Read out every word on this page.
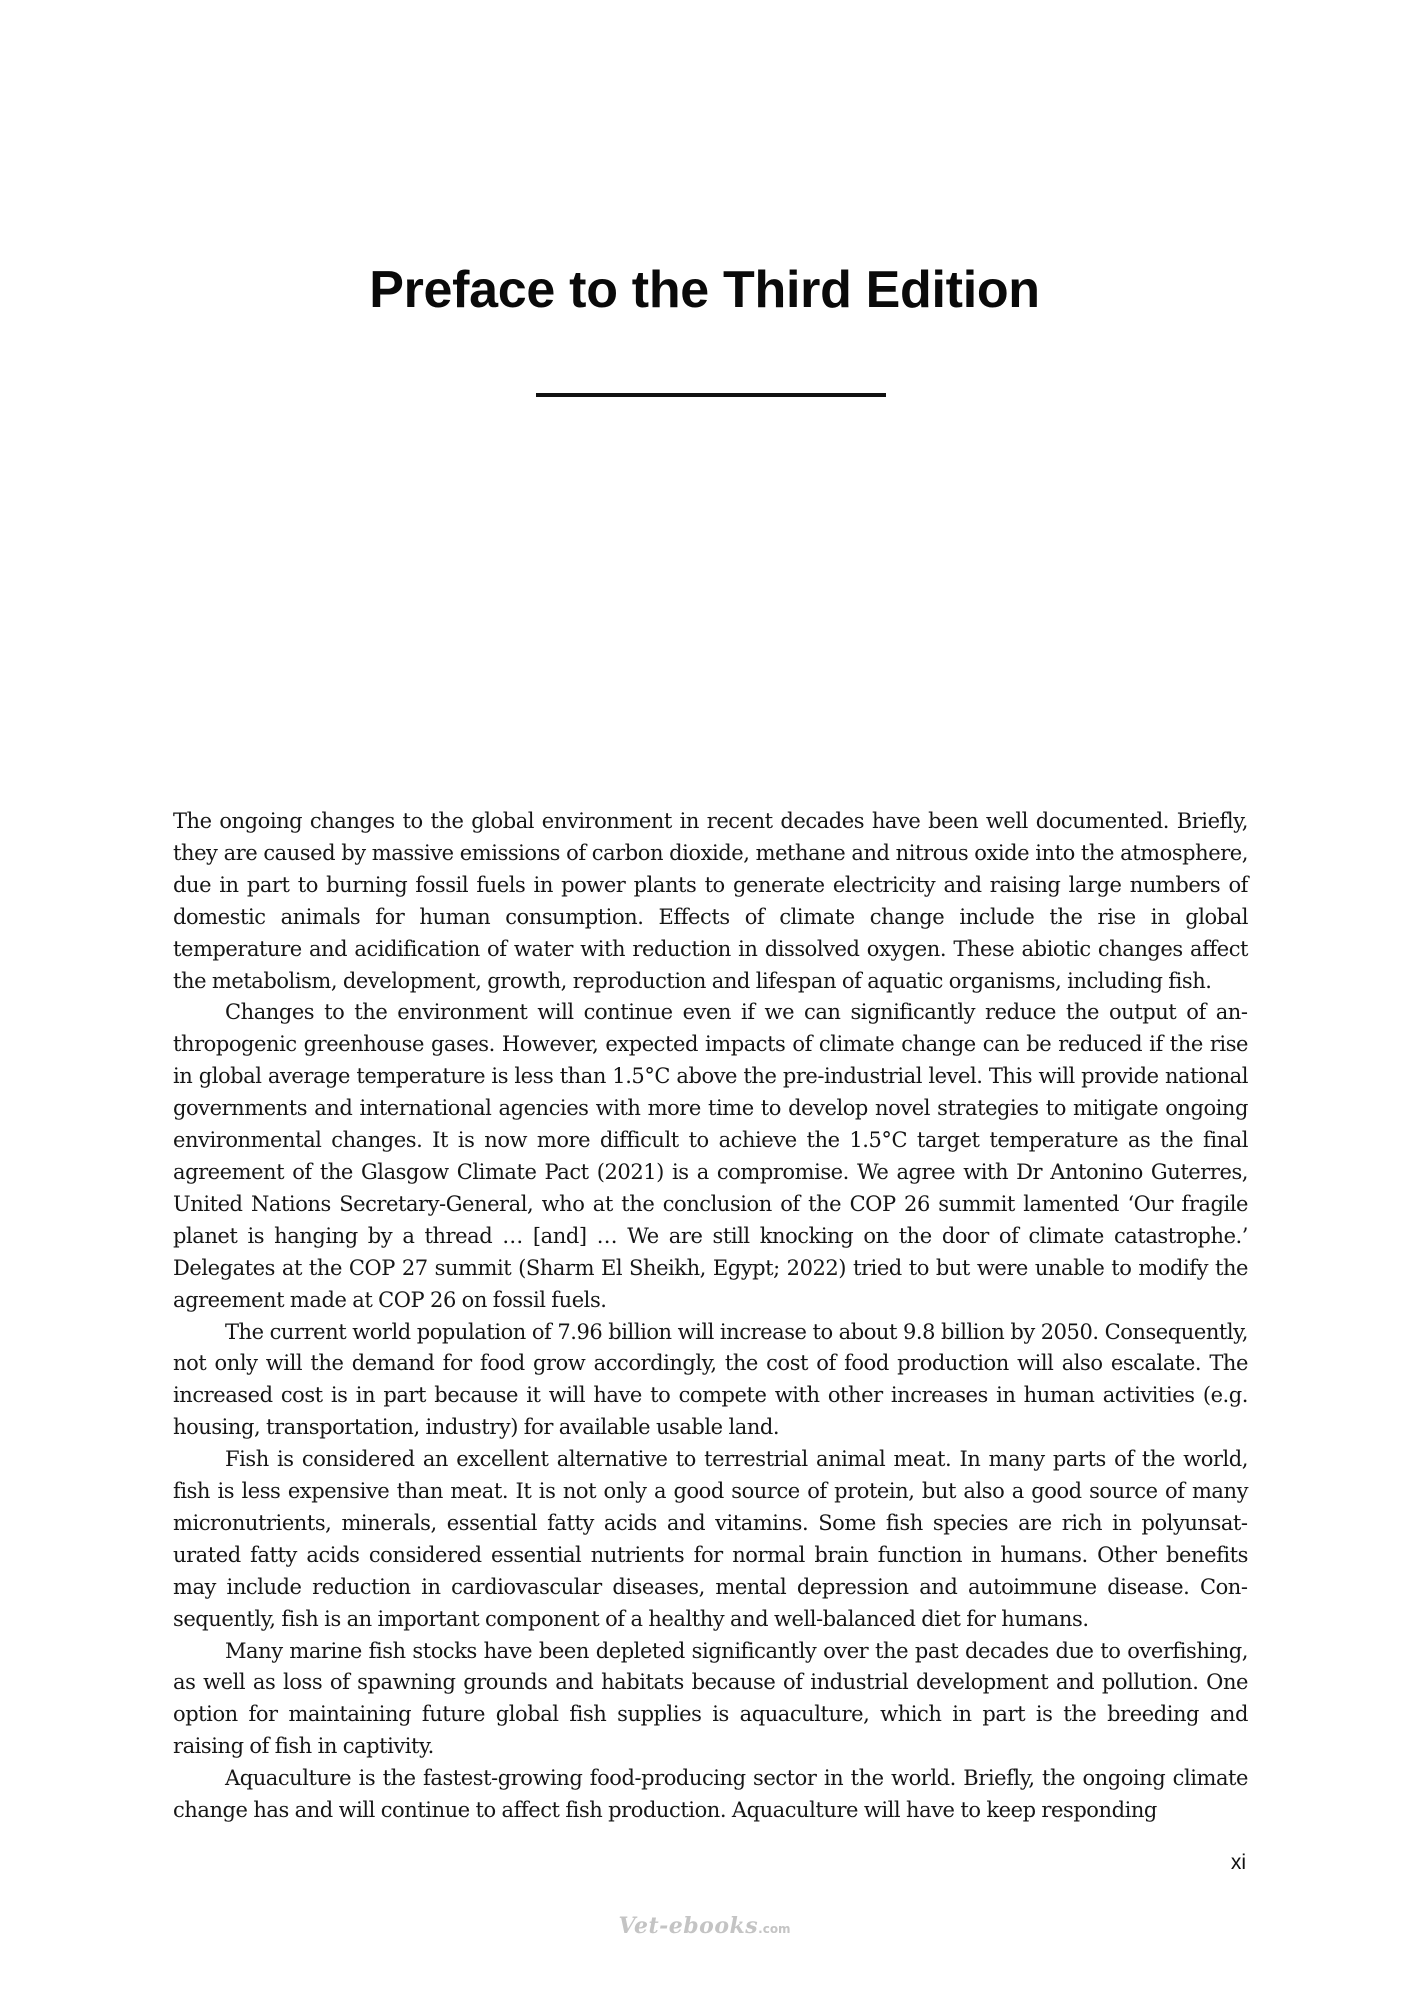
Preface to the Third Edition

The ongoing changes to the global environment in recent decades have been well documented. Briefly, they are caused by massive emissions of carbon dioxide, methane and nitrous oxide into the atmosphere, due in part to burning fossil fuels in power plants to generate electricity and raising large numbers of domestic animals for human consumption. Effects of climate change include the rise in global temperature and acidification of water with reduction in dissolved oxygen. These abiotic changes affect the metabolism, development, growth, reproduction and lifespan of aquatic organisms, including fish.

Changes to the environment will continue even if we can significantly reduce the output of anthropogenic greenhouse gases. However, expected impacts of climate change can be reduced if the rise in global average temperature is less than 1.5°C above the pre-industrial level. This will provide national governments and international agencies with more time to develop novel strategies to mitigate ongoing environmental changes. It is now more difficult to achieve the 1.5°C target temperature as the final agreement of the Glasgow Climate Pact (2021) is a compromise. We agree with Dr Antonino Guterres, United Nations Secretary-General, who at the conclusion of the COP 26 summit lamented ‘Our fragile planet is hanging by a thread … [and] … We are still knocking on the door of climate catastrophe.’ Delegates at the COP 27 summit (Sharm El Sheikh, Egypt; 2022) tried to but were unable to modify the agreement made at COP 26 on fossil fuels.

The current world population of 7.96 billion will increase to about 9.8 billion by 2050. Consequently, not only will the demand for food grow accordingly, the cost of food production will also escalate. The increased cost is in part because it will have to compete with other increases in human activities (e.g. housing, transportation, industry) for available usable land.

Fish is considered an excellent alternative to terrestrial animal meat. In many parts of the world, fish is less expensive than meat. It is not only a good source of protein, but also a good source of many micronutrients, minerals, essential fatty acids and vitamins. Some fish species are rich in polyunsaturated fatty acids considered essential nutrients for normal brain function in humans. Other benefits may include reduction in cardiovascular diseases, mental depression and autoimmune disease. Consequently, fish is an important component of a healthy and well-balanced diet for humans.

Many marine fish stocks have been depleted significantly over the past decades due to overfishing, as well as loss of spawning grounds and habitats because of industrial development and pollution. One option for maintaining future global fish supplies is aquaculture, which in part is the breeding and raising of fish in captivity.

Aquaculture is the fastest-growing food-producing sector in the world. Briefly, the ongoing climate change has and will continue to affect fish production. Aquaculture will have to keep responding

xi
Vet-ebooks.com
